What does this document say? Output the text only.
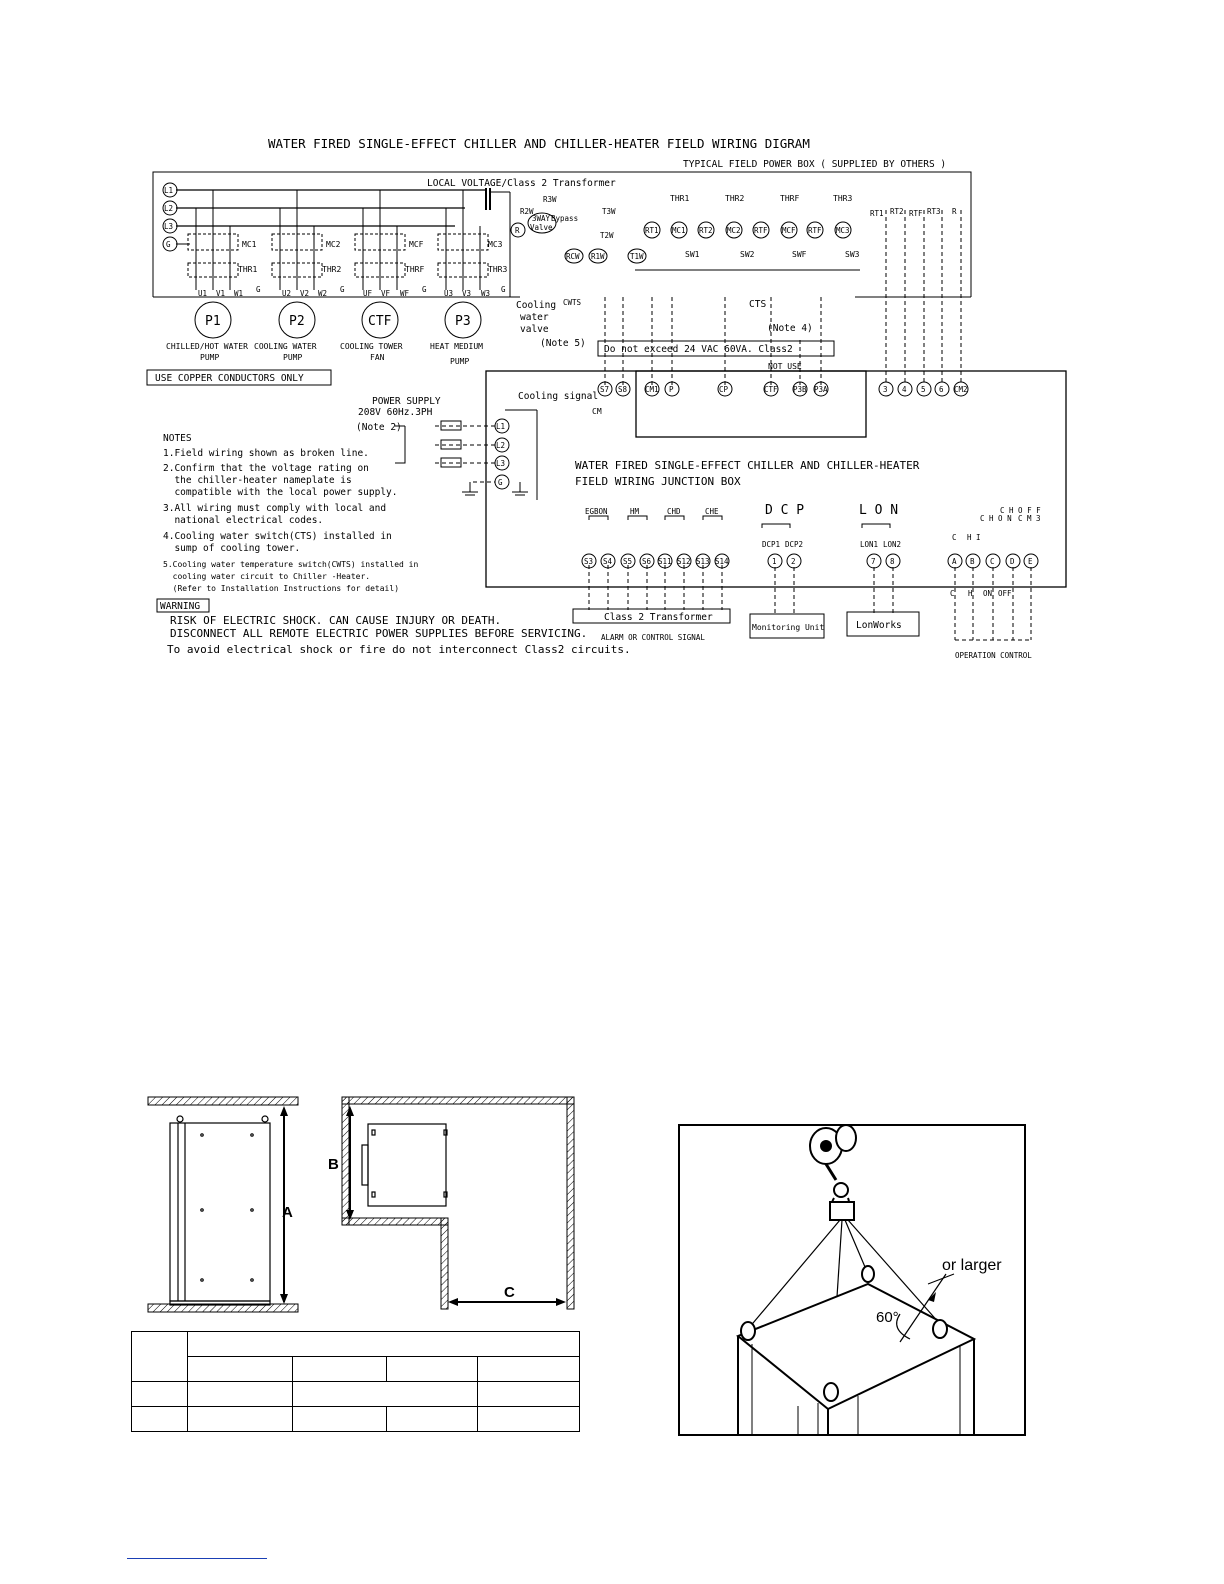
WATER FIRED SINGLE-EFFECT CHILLER AND CHILLER-HEATER FIELD WIRING DIGRAM
TYPICAL FIELD POWER BOX ( SUPPLIED BY OTHERS )
LOCAL VOLTAGE/Class 2 Transformer
L1
L2
L3
G	MC1	MC2	MCF	MC3
THR1	THR2	THRF	THR3
U1 V1 W1 G	U2 V2 W2 G UF VF WF G U3 V3 W3 G
P1	P2	CTF	P3
CHILLED/HOT WATER
PUMP
COOLING WATER
PUMP
COOLING TOWER
FAN
HEAT MEDIUM
PUMP
R
R3W
R2W
Bypass
T3W
T2W
3WAY
Valve
RCW R1W	T1W
THR1	THR2	THRF	THR3
RT1 MC1 RT2 MC2 RTF MCF RTF MC3
SW1	SW2	SWF	SW3
RT1 RT2 RTF RT3 R
Cooling
water
valve
CWTS
(Note 5)
CTS
(Note 4)
Do not exceed 24 VAC 60VA. Class2
NOT USE
USE COPPER CONDUCTORS ONLY
POWER SUPPLY
208V 60Hz.3PH
(Note 2)
Cooling signal
CM
S7 S8 CM1 P	CP	CTF P3B P3A	3 4 5 6 CM2
L1
L2
L3
G
WATER FIRED SINGLE-EFFECT CHILLER AND CHILLER-HEATER
FIELD WIRING JUNCTION BOX
EGBON	HM	CHD	CHE
S3 S4 S5 S6 S11 S12 S13 S14
D C P
DCP1 DCP2
1 2
L O N
LON1 LON2
7 8
C H I
C H O N
C H O F F
C M 3
A B C D E
C H ON OFF
Class 2 Transformer
ALARM OR CONTROL SIGNAL
Monitoring Unit	LonWorks
OPERATION CONTROL
NOTES
1.Field wiring shown as broken line.
2.Confirm that the voltage rating on
the chiller-heater nameplate is
compatible with the local power supply.
3.All wiring must comply with local and
national electrical codes.
4.Cooling water switch(CTS) installed in
sump of cooling tower.
5.Cooling water temperature switch(CWTS) installed in
cooling water circuit to Chiller -Heater.
(Refer to Installation Instructions for detail)
WARNING
RISK OF ELECTRIC SHOCK. CAN CAUSE INJURY OR DEATH.
DISCONNECT ALL REMOTE ELECTRIC POWER SUPPLIES BEFORE SERVICING.
To avoid electrical shock or fire do not interconnect Class2 circuits.
A
B
C

or larger
60°
